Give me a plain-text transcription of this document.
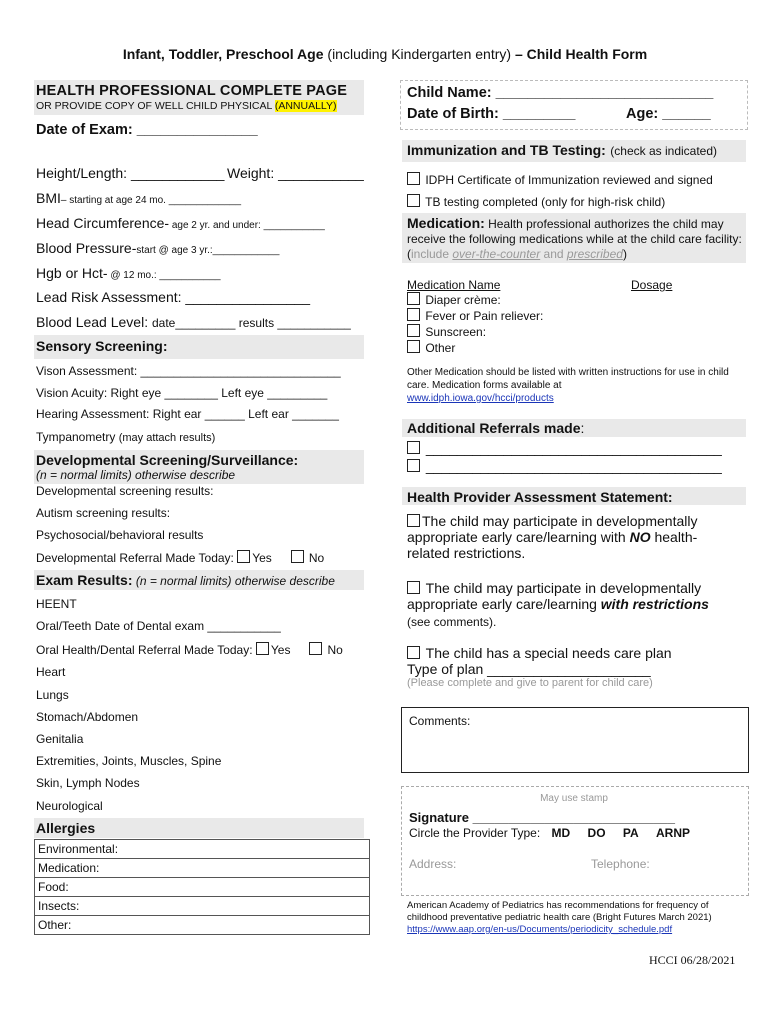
Infant, Toddler, Preschool Age (including Kindergarten entry) – Child Health Form
HEALTH PROFESSIONAL COMPLETE PAGE
OR PROVIDE COPY OF WELL CHILD PHYSICAL (ANNUALLY)
Date of Exam: _______________
Height/Length: ____________ Weight: ___________
BMI– starting at age 24 mo. _____________
Head Circumference- age 2 yr. and under: ___________
Blood Pressure-start @ age 3 yr.:____________
Hgb or Hct- @ 12 mo.: ___________
Lead Risk Assessment: ________________
Blood Lead Level: date_________ results ___________
Sensory Screening:
Vison Assessment: ______________________________
Vision Acuity: Right eye ________ Left eye _________
Hearing Assessment: Right ear ______ Left ear _______
Tympanometry (may attach results)
Developmental Screening/Surveillance:
(n = normal limits) otherwise describe
Developmental screening results:
Autism screening results:
Psychosocial/behavioral results
Developmental Referral Made Today: Yes	No
Exam Results: (n = normal limits) otherwise describe
HEENT
Oral/Teeth Date of Dental exam ___________
Oral Health/Dental Referral Made Today: Yes	No
Heart
Lungs
Stomach/Abdomen
Genitalia
Extremities, Joints, Muscles, Spine
Skin, Lymph Nodes
Neurological
Allergies
Environmental:
Medication:
Food:
Insects:
Other:
Child Name: ___________________________
Date of Birth: _________	Age: ______
Immunization and TB Testing: (check as indicated)
IDPH Certificate of Immunization reviewed and signed
TB testing completed (only for high-risk child)
Medication: Health professional authorizes the child may receive the following medications while at the child care facility: (include over-the-counter and prescribed)
Medication Name	Dosage
Diaper crème:
Fever or Pain reliever:
Sunscreen:
Other
Other Medication should be listed with written instructions for use in child care. Medication forms available at
www.idph.iowa.gov/hcci/products
Additional Referrals made:
______________________________________
______________________________________
Health Provider Assessment Statement:
The child may participate in developmentally appropriate early care/learning with NO health-related restrictions.
The child may participate in developmentally appropriate early care/learning with restrictions (see comments).
The child has a special needs care plan
Type of plan _____________________
(Please complete and give to parent for child care)
Comments:
May use stamp
Signature ____________________________
Circle the Provider Type: MD DO PA ARNP
Address:	Telephone:
American Academy of Pediatrics has recommendations for frequency of childhood preventative pediatric health care (Bright Futures March 2021)
https://www.aap.org/en-us/Documents/periodicity_schedule.pdf
HCCI 06/28/2021
